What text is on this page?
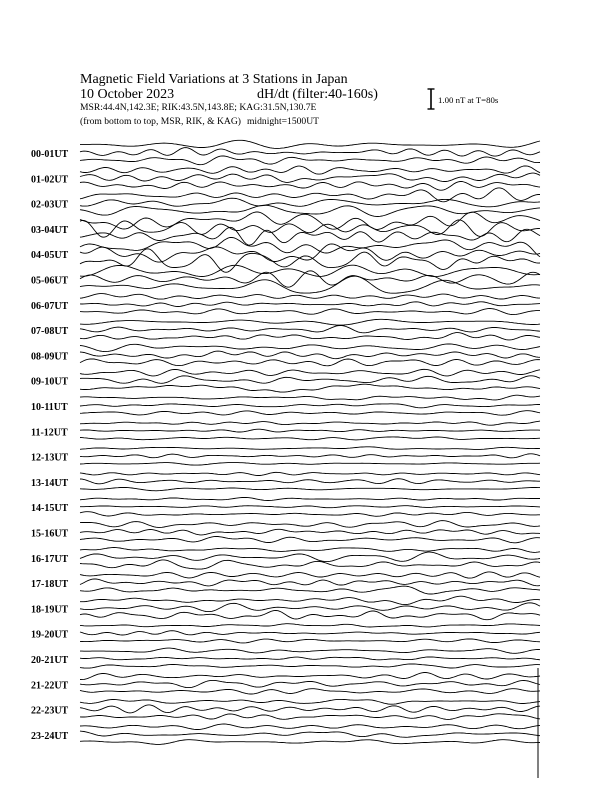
Magnetic Field Variations at 3 Stations in Japan
10 October 2023	dH/dt (filter:40-160s)
MSR:44.4N,142.3E; RIK:43.5N,143.8E; KAG:31.5N,130.7E
(from bottom to top, MSR, RIK, & KAG) midnight=1500UT
1.00 nT at T=80s
00-01UT
01-02UT
02-03UT
03-04UT
04-05UT
05-06UT
06-07UT
07-08UT
08-09UT
09-10UT
10-11UT
11-12UT
12-13UT
13-14UT
14-15UT
15-16UT
16-17UT
17-18UT
18-19UT
19-20UT
20-21UT
21-22UT
22-23UT
23-24UT
